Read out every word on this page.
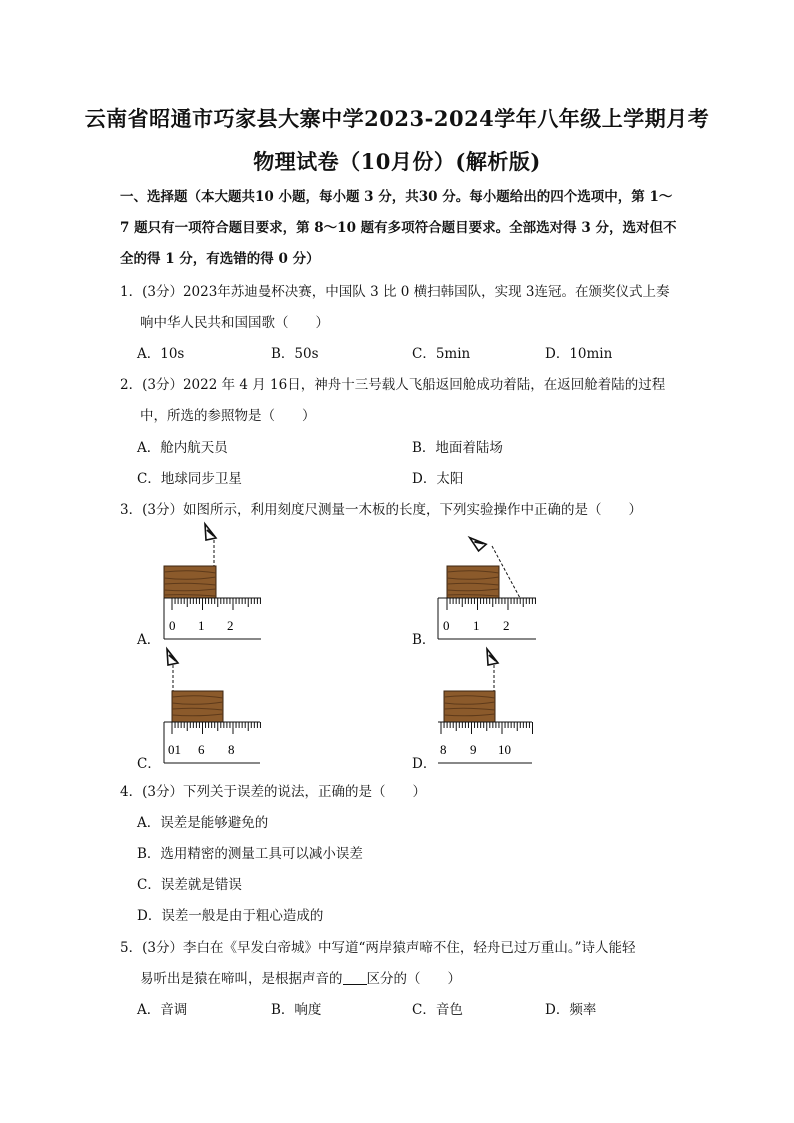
云南省昭通市巧家县大寨中学2023-2024学年八年级上学期月考
物理试卷（10月份）(解析版)
一、选择题（本大题共10 小题，每小题 3 分，共30 分。每小题给出的四个选项中，第 1～
7 题只有一项符合题目要求，第 8～10 题有多项符合题目要求。全部选对得 3 分，选对但不
全的得 1 分，有选错的得 0 分）
1．(3分）2023年苏迪曼杯决赛，中国队 3 比 0 横扫韩国队，实现 3连冠。在颁奖仪式上奏
响中华人民共和国国歌（　　）
A．10s	B．50s	C．5min	D．10min
2．(3分）2022 年 4 月 16日，神舟十三号载人飞船返回舱成功着陆，在返回舱着陆的过程
中，所选的参照物是（　　）
A．舱内航天员	B．地面着陆场
C．地球同步卫星	D．太阳
3．(3分）如图所示，利用刻度尺测量一木板的长度，下列实验操作中正确的是（　　）
A．
0 1 2
B．
0 1 2
C．
01 6 8
D．
8 9 10
4．(3分）下列关于误差的说法，正确的是（　　）
A．误差是能够避免的
B．选用精密的测量工具可以减小误差
C．误差就是错误
D．误差一般是由于粗心造成的
5．(3分）李白在《早发白帝城》中写道“两岸猿声啼不住，轻舟已过万重山。”诗人能轻
易听出是猿在啼叫，是根据声音的 区分的（　　）
A．音调	B．响度	C．音色	D．频率
